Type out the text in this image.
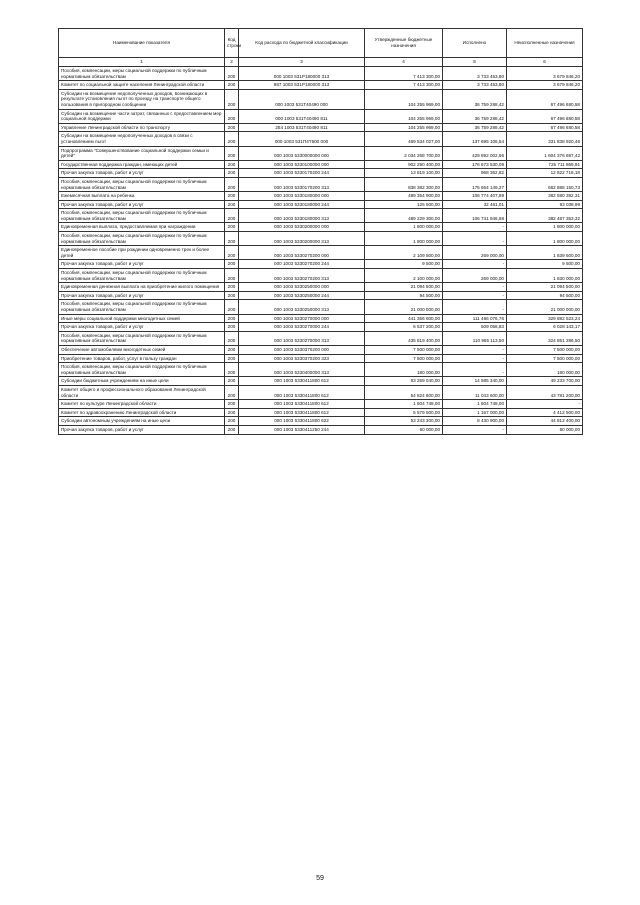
Наименование показателя	Код строки	Код расхода по бюджетной классификации	Утвержденные бюджетные назначения	Исполнено	Неисполненные назначения
1	2	3	4	5	6
Пособия, компенсации, меры социальной поддержки по публичным нормативным обязательствам	200	000 1003 531Р180000 313	7 413 300,00	3 733 453,80	3 679 846,20
Комитет по социальной защите населения Ленинградской области	200	987 1003 531Р180000 313	7 413 300,00	3 733 453,80	3 679 846,20
Субсидии на возмещение недополученных доходов, возникающих в результате установления льгот по проезду на транспорте общего пользования в пригородном сообщении	200	000 1003 531Т40490 000	104 255 969,00	36 759 288,42	67 496 680,58
Субсидии на возмещение части затрат, связанных с предоставлением мер социальной поддержки	200	000 1003 531Т40490 811	104 255 969,00	36 759 288,42	67 496 680,58
Управление Ленинградской области по транспорту	200	254 1003 531Т40490 811	104 255 969,00	36 759 288,42	67 496 680,58
Субсидии на возмещение недополученных доходов в связи с установлением льгот	200	000 1003 531П4Т500 000	469 534 027,00	137 695 106,54	331 838 920,46
Подпрограмма "Совершенствование социальной поддержки семьи и детей"	200	000 1003 5330000000 000	2 034 268 700,00	429 892 002,66	1 604 376 697,42
Государственная поддержка граждан, имеющих детей	200	000 1003 5330100000 000	902 290 400,00	176 673 530,09	725 711 869,91
Прочая закупка товаров, работ и услуг	200	000 1003 5330170200 244	13 819 100,00	968 362,82	12 822 716,18
Пособия, компенсации, меры социальной поддержки по публичным нормативным обязательствам	200	000 1003 5330170200 313	838 382 300,00	175 664 149,27	662 888 150,73
Ежемесячная выплата на ребенка	200	000 1003 5330180000 000	489 354 900,00	106 774 407,89	382 580 392,31
Прочая закупка товаров, работ и услуг	200	000 1003 5330180000 244	125 500,00	32 461,01	93 038,99
Пособия, компенсации, меры социальной поддержки по публичным нормативным обязательствам	200	000 1003 5330180000 313	489 229 300,00	106 741 946,68	382 487 353,32
Единовременная выплата, предоставляемая при награждении	200	000 1003 5330200000 000	1 800 000,00	-	1 800 000,00
Пособия, компенсации, меры социальной поддержки по публичным нормативным обязательствам	200	000 1003 5330200000 313	1 800 000,00	-	1 800 000,00
Единовременное пособие при рождении одновременно трех и более детей	200	000 1003 5330270200 000	2 109 500,00	269 000,00	1 839 500,00
Прочая закупка товаров, работ и услуг	200	000 1003 5330270200 244	9 500,00	-	9 500,00
Пособия, компенсации, меры социальной поддержки по публичным нормативным обязательствам	200	000 1003 5330270200 313	2 100 000,00	269 000,00	1 830 000,00
Единовременная денежная выплата на приобретение жилого помещения	200	000 1003 5330250000 000	21 094 500,00	-	21 094 500,00
Прочая закупка товаров, работ и услуг	200	000 1003 5330250000 244	94 500,00	-	94 500,00
Пособия, компенсации, меры социальной поддержки по публичным нормативным обязательствам	200	000 1003 5330250000 313	21 000 000,00	-	21 000 000,00
Иные меры социальной поддержки многодетных семей	200	000 1003 5330270000 000	441 356 600,00	111 466 076,76	329 882 523,24
Прочая закупка товаров, работ и услуг	200	000 1003 5330270000 244	6 537 200,00	509 056,83	6 028 143,17
Пособия, компенсации, меры социальной поддержки по публичным нормативным обязательствам	200	000 1003 5330270000 313	435 819 400,00	110 965 113,50	324 851 286,50
Обеспечение автомобилями многодетных семей	200	000 1003 5330370200 000	7 500 000,00	-	7 500 000,00
Приобретение товаров, работ, услуг в пользу граждан	200	000 1003 5330370200 323	7 500 000,00	-	7 500 000,00
Пособия, компенсации, меры социальной поддержки по публичным нормативным обязательствам	200	000 1003 5330400000 313	180 000,00	-	180 000,00
Субсидии бюджетным учреждениям на иные цели	200	000 1003 5330411800 612	63 269 040,00	14 585 340,00	49 233 700,00
Комитет общего и профессионального образования Ленинградской области	200	000 1003 5330411800 612	54 824 800,00	11 043 600,00	43 781 200,00
Комитет по культуре Ленинградской области	200	000 1003 5330411800 612	1 604 748,00	1 604 748,00	-
Комитет по здравоохранению Ленинградской области	200	000 1003 5330411800 612	5 579 500,00	1 167 000,00	4 412 500,00
Субсидии автономным учреждениям на иные цели	200	000 1003 5330411800 622	53 243 300,00	8 430 900,00	44 812 400,00
Прочая закупка товаров, работ и услуг	200	000 1003 5330411250 244	60 000,00	-	60 000,00
59
